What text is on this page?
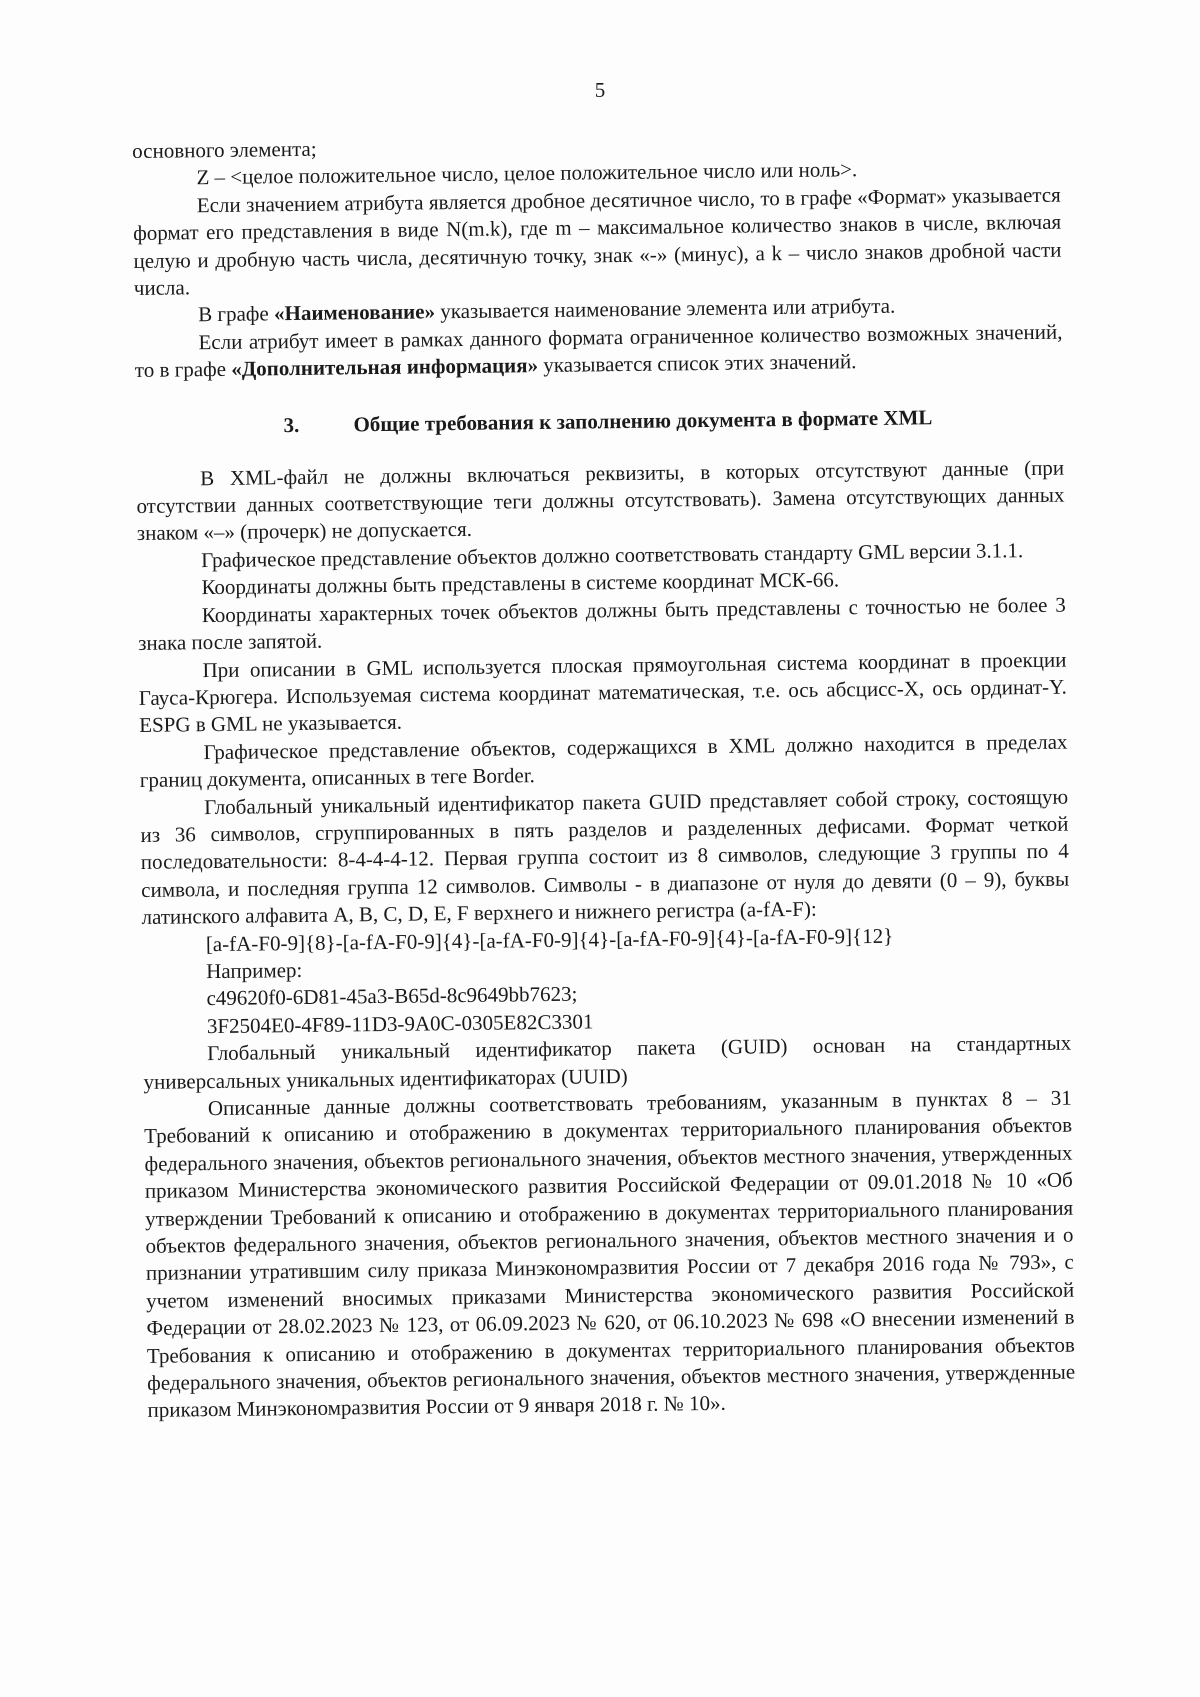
5

основного элемента;

Z – <целое положительное число, целое положительное число или ноль>.

Если значением атрибута является дробное десятичное число, то в графе «Формат» указывается формат его представления в виде N(m.k), где m – максимальное количество знаков в числе, включая целую и дробную часть числа, десятичную точку, знак «-» (минус), а k – число знаков дробной части числа.

В графе «Наименование» указывается наименование элемента или атрибута.

Если атрибут имеет в рамках данного формата ограниченное количество возможных значений, то в графе «Дополнительная информация» указывается список этих значений.

3.	Общие требования к заполнению документа в формате XML

В XML-файл не должны включаться реквизиты, в которых отсутствуют данные (при отсутствии данных соответствующие теги должны отсутствовать). Замена отсутствующих данных знаком «–» (прочерк) не допускается.

Графическое представление объектов должно соответствовать стандарту GML версии 3.1.1.

Координаты должны быть представлены в системе координат МСК-66.

Координаты характерных точек объектов должны быть представлены с точностью не более 3 знака после запятой.

При описании в GML используется плоская прямоугольная система координат в проекции Гауса-Крюгера. Используемая система координат математическая, т.е. ось абсцисс-X, ось ординат-Y. ESPG в GML не указывается.

Графическое представление объектов, содержащихся в XML должно находится в пределах границ документа, описанных в теге Border.

Глобальный уникальный идентификатор пакета GUID представляет собой строку, состоящую из 36 символов, сгруппированных в пять разделов и разделенных дефисами. Формат четкой последовательности: 8-4-4-4-12. Первая группа состоит из 8 символов, следующие 3 группы по 4 символа, и последняя группа 12 символов. Символы - в диапазоне от нуля до девяти (0 – 9), буквы латинского алфавита A, B, C, D, E, F верхнего и нижнего регистра (a-fA-F):

[a-fA-F0-9]{8}-[a-fA-F0-9]{4}-[a-fA-F0-9]{4}-[a-fA-F0-9]{4}-[a-fA-F0-9]{12}

Например:

c49620f0-6D81-45a3-B65d-8c9649bb7623;

3F2504E0-4F89-11D3-9A0C-0305E82C3301

Глобальный уникальный идентификатор пакета (GUID) основан на стандартных универсальных уникальных идентификаторах (UUID)

Описанные данные должны соответствовать требованиям, указанным в пунктах 8 – 31 Требований к описанию и отображению в документах территориального планирования объектов федерального значения, объектов регионального значения, объектов местного значения, утвержденных приказом Министерства экономического развития Российской Федерации от 09.01.2018 № 10 «Об утверждении Требований к описанию и отображению в документах территориального планирования объектов федерального значения, объектов регионального значения, объектов местного значения и о признании утратившим силу приказа Минэкономразвития России от 7 декабря 2016 года № 793», с учетом изменений вносимых приказами Министерства экономического развития Российской Федерации от 28.02.2023 № 123, от 06.09.2023 № 620, от 06.10.2023 № 698 «О внесении изменений в Требования к описанию и отображению в документах территориального планирования объектов федерального значения, объектов регионального значения, объектов местного значения, утвержденные приказом Минэкономразвития России от 9 января 2018 г. № 10».
